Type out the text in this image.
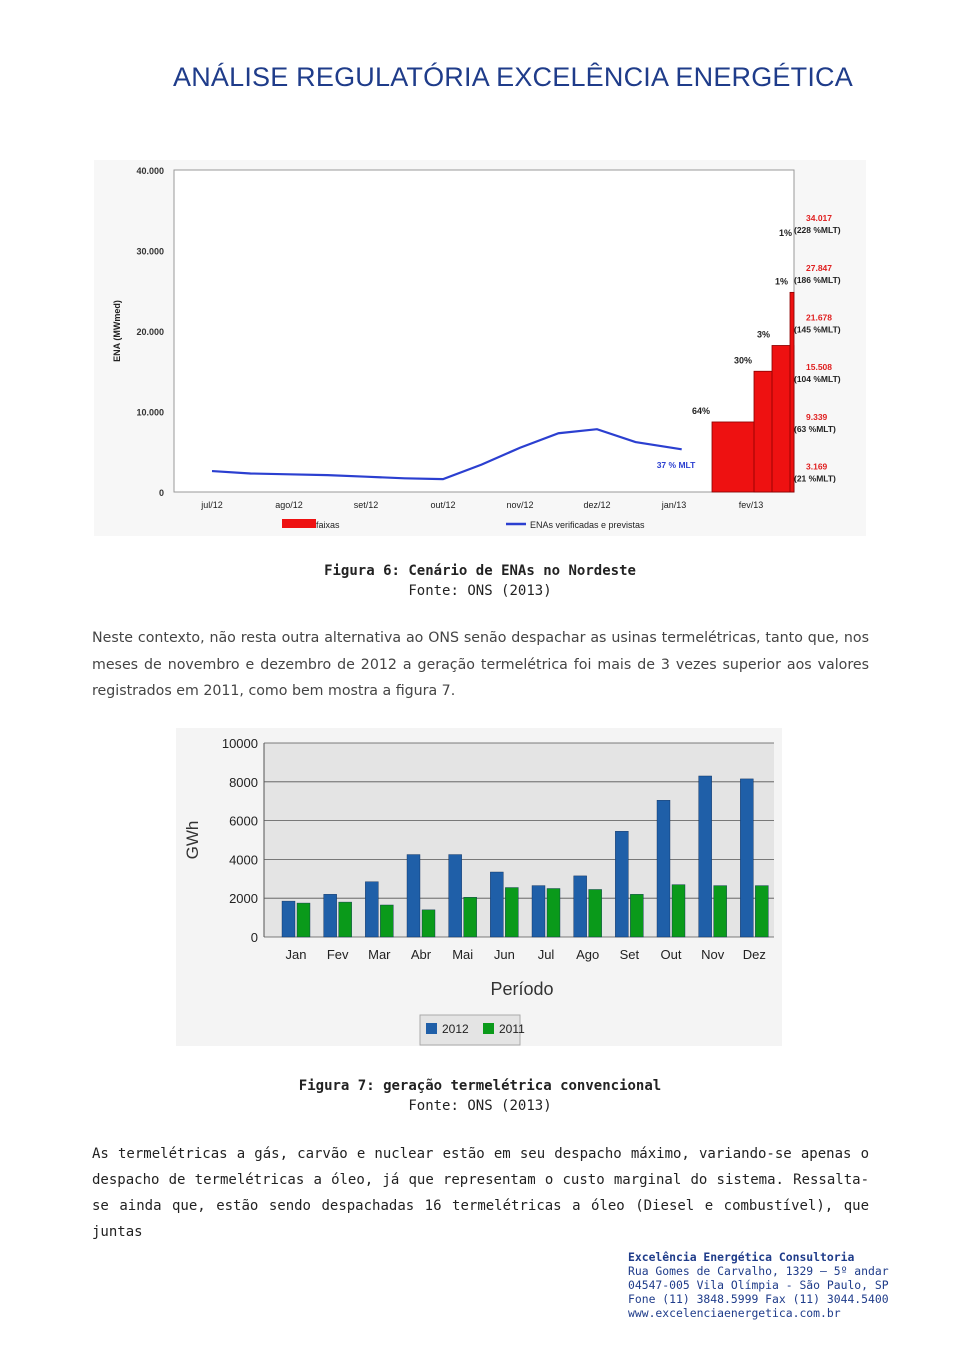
ANÁLISE REGULATÓRIA EXCELÊNCIA ENERGÉTICA
0
10.000
20.000
30.000
40.000
ENA (MWmed)
jul/12	ago/12	set/12	out/12	nov/12	dez/12	jan/13	fev/13
64%
30%
3%
1%
1%
37 % MLT
34.017
(228 %MLT)
27.847
(186 %MLT)
21.678
(145 %MLT)
15.508
(104 %MLT)
9.339
(63 %MLT)
3.169
(21 %MLT)
faixas	ENAs verificadas e previstas
Figura 6: Cenário de ENAs no Nordeste
Fonte: ONS (2013)
Neste contexto, não resta outra alternativa ao ONS senão despachar as usinas termelétricas, tanto que, nos meses de novembro e dezembro de 2012 a geração termelétrica foi mais de 3 vezes superior aos valores registrados em 2011, como bem mostra a figura 7.
0
2000
4000
6000
8000
10000
GWh
Jan Fev Mar Abr Mai Jun Jul Ago Set Out Nov Dez
Período
2012	2011
Figura 7: geração termelétrica convencional
Fonte: ONS (2013)
As termelétricas a gás, carvão e nuclear estão em seu despacho máximo, variando-se apenas o despacho de termelétricas a óleo, já que representam o custo marginal do sistema. Ressalta-se ainda que, estão sendo despachadas 16 termelétricas a óleo (Diesel e combustível), que juntas
Excelência Energética Consultoria
Rua Gomes de Carvalho, 1329 – 5º andar
04547-005 Vila Olímpia - São Paulo, SP
Fone (11) 3848.5999 Fax (11) 3044.5400
www.excelenciaenergetica.com.br
